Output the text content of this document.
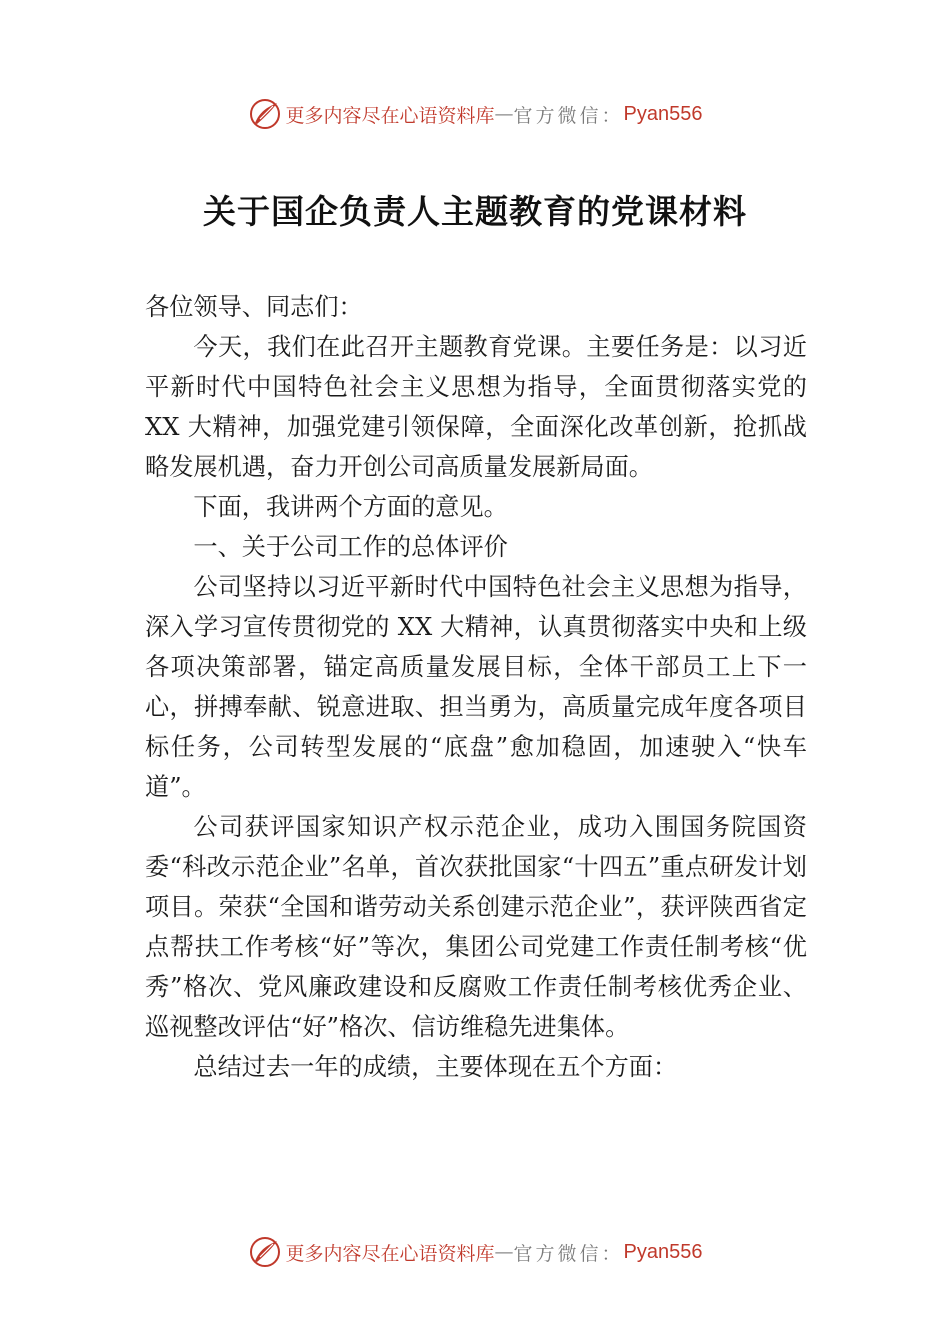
更多内容尽在心语资料库 — 官方微信： Pyan556
关于国企负责人主题教育的党课材料

各位领导、同志们：

今天，我们在此召开主题教育党课。主要任务是：以习近平新时代中国特色社会主义思想为指导，全面贯彻落实党的 XX 大精神，加强党建引领保障，全面深化改革创新，抢抓战略发展机遇，奋力开创公司高质量发展新局面。

下面，我讲两个方面的意见。

一、关于公司工作的总体评价

公司坚持以习近平新时代中国特色社会主义思想为指导，深入学习宣传贯彻党的 XX 大精神，认真贯彻落实中央和上级各项决策部署，锚定高质量发展目标，全体干部员工上下一心，拼搏奉献、锐意进取、担当勇为，高质量完成年度各项目标任务，公司转型发展的“底盘”愈加稳固，加速驶入“快车道”。

公司获评国家知识产权示范企业，成功入围国务院国资委“科改示范企业”名单，首次获批国家“十四五”重点研发计划项目。荣获“全国和谐劳动关系创建示范企业”，获评陕西省定点帮扶工作考核“好”等次，集团公司党建工作责任制考核“优秀”格次、党风廉政建设和反腐败工作责任制考核优秀企业、巡视整改评估“好”格次、信访维稳先进集体。

总结过去一年的成绩，主要体现在五个方面：

更多内容尽在心语资料库 — 官方微信： Pyan556
